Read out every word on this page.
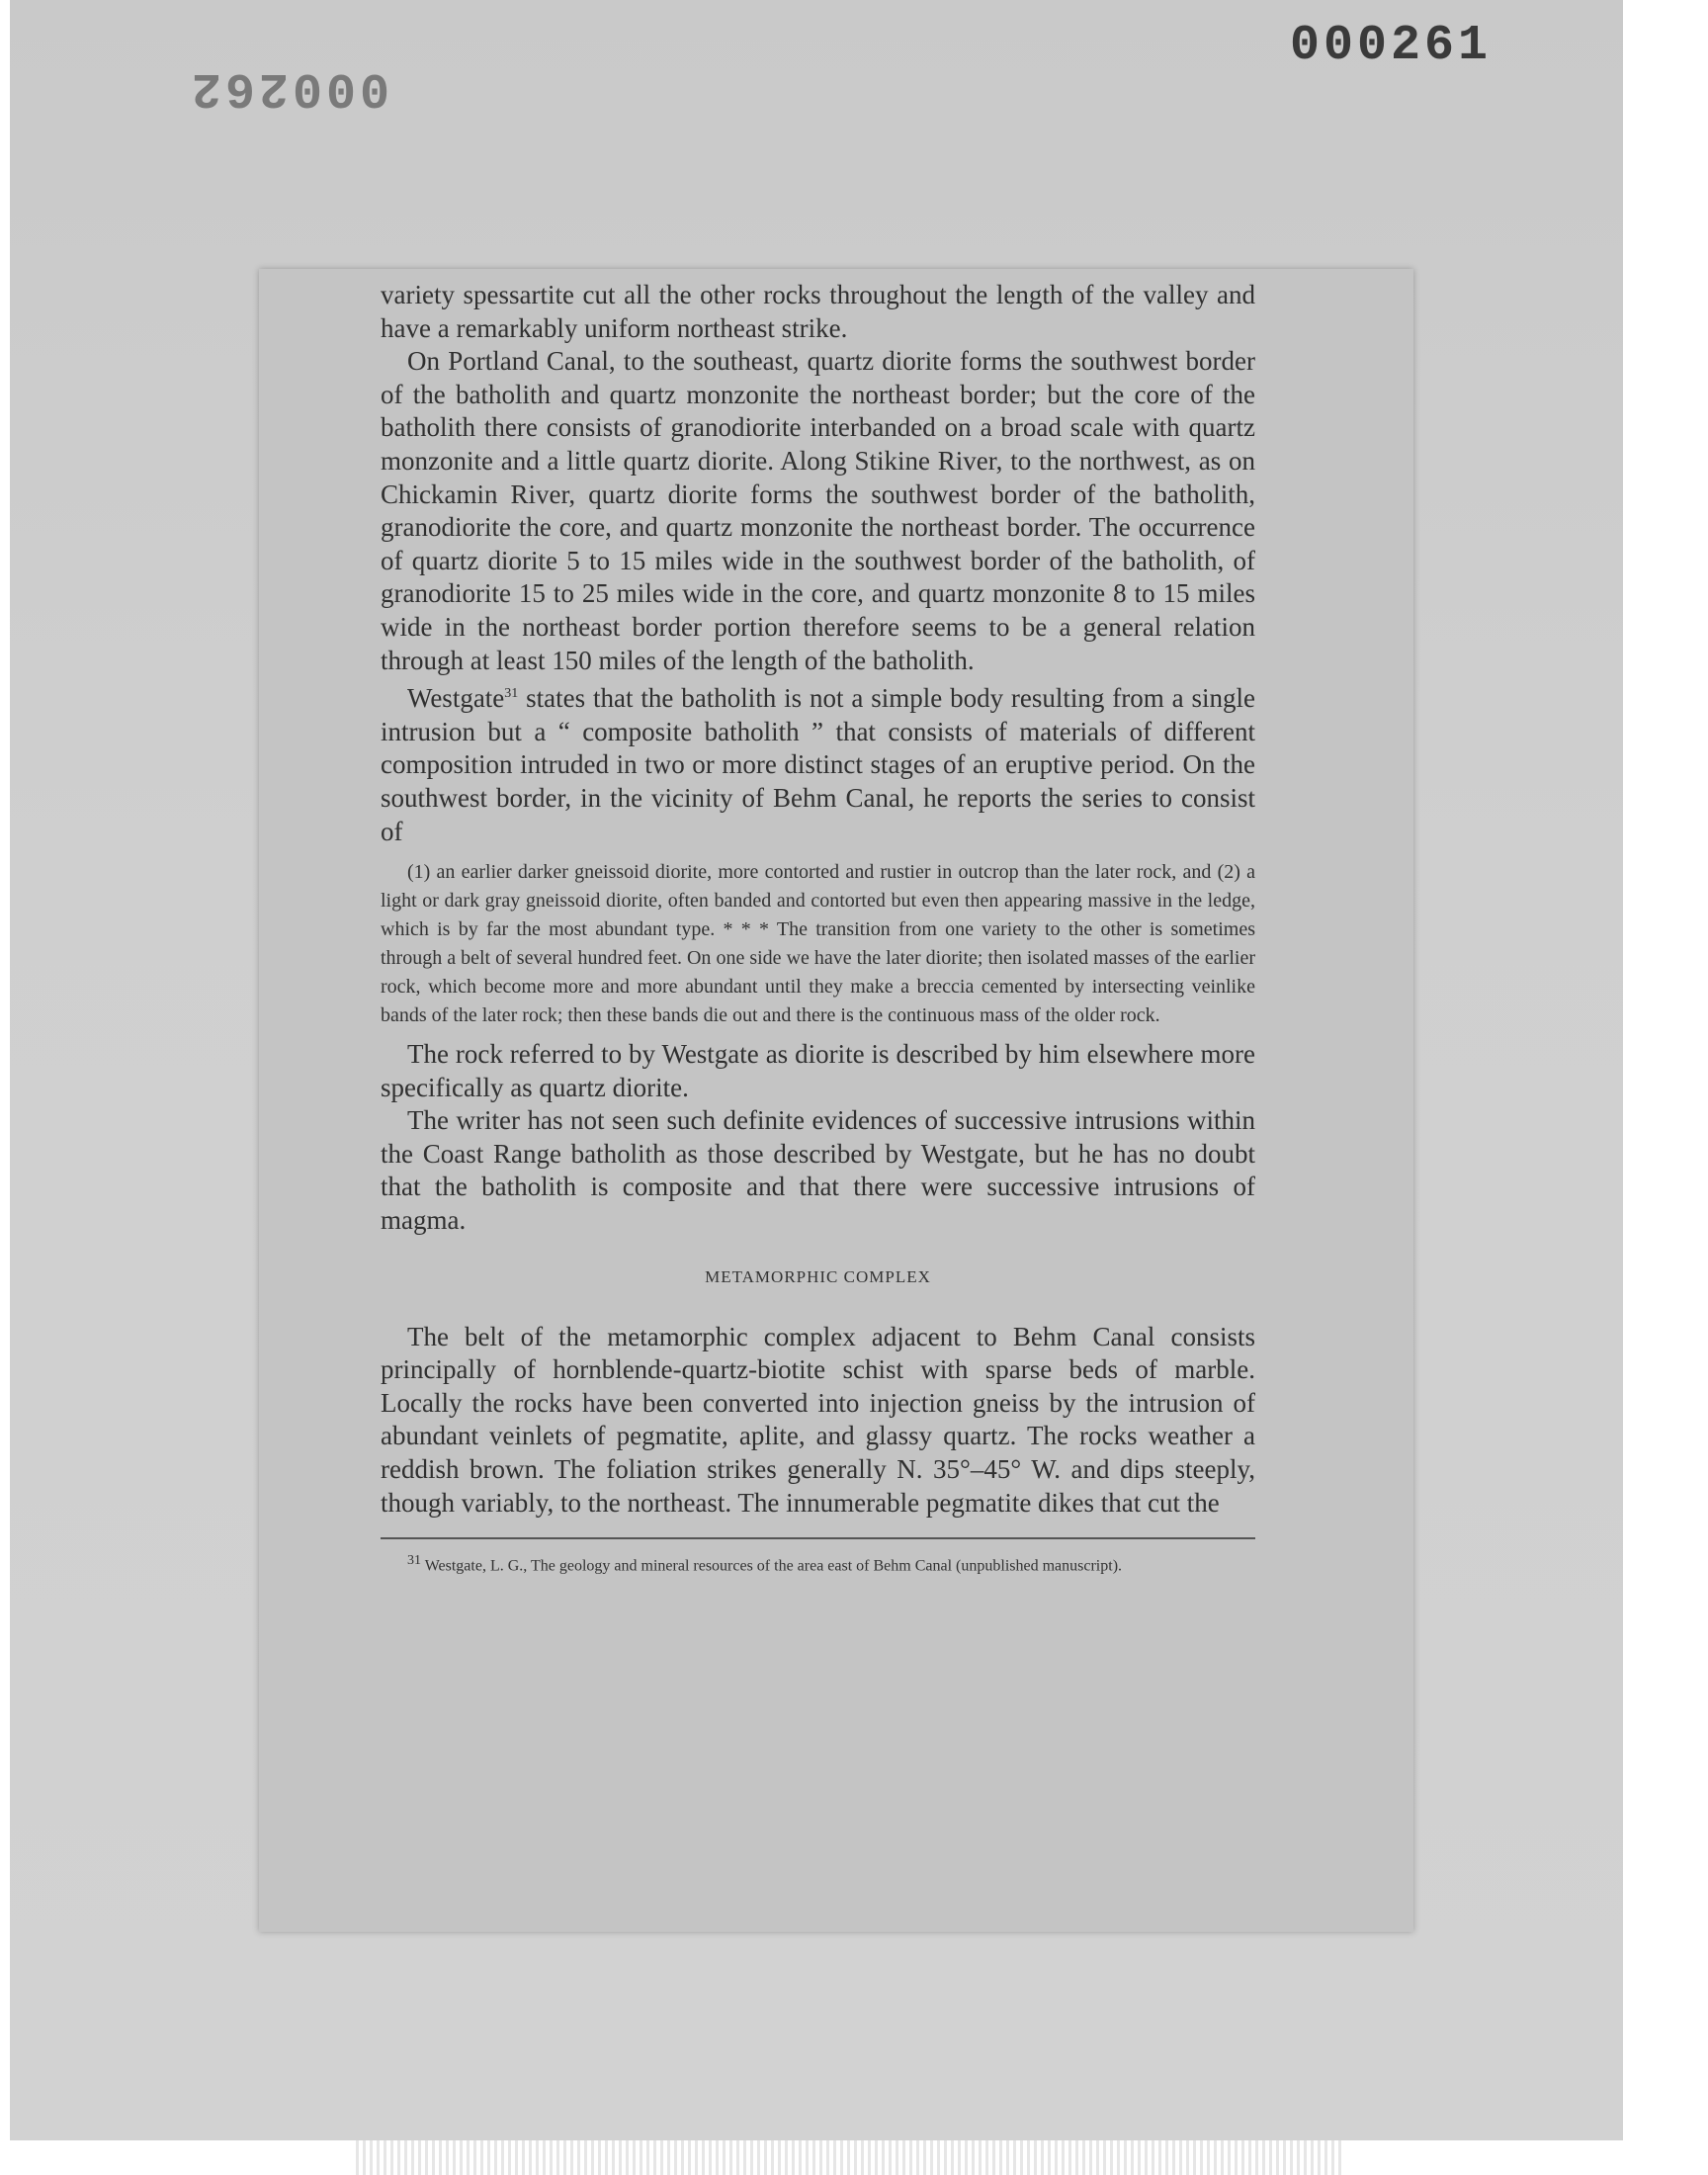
000261
000262

variety spessartite cut all the other rocks throughout the length of the valley and have a remarkably uniform northeast strike.

On Portland Canal, to the southeast, quartz diorite forms the southwest border of the batholith and quartz monzonite the northeast border; but the core of the batholith there consists of granodiorite interbanded on a broad scale with quartz monzonite and a little quartz diorite. Along Stikine River, to the northwest, as on Chickamin River, quartz diorite forms the southwest border of the batholith, granodiorite the core, and quartz monzonite the northeast border. The occurrence of quartz diorite 5 to 15 miles wide in the southwest border of the batholith, of granodiorite 15 to 25 miles wide in the core, and quartz monzonite 8 to 15 miles wide in the northeast border portion therefore seems to be a general relation through at least 150 miles of the length of the batholith.

Westgate$^{31}$ states that the batholith is not a simple body resulting from a single intrusion but a “ composite batholith ” that consists of materials of different composition intruded in two or more distinct stages of an eruptive period. On the southwest border, in the vicinity of Behm Canal, he reports the series to consist of

(1) an earlier darker gneissoid diorite, more contorted and rustier in outcrop than the later rock, and (2) a light or dark gray gneissoid diorite, often banded and contorted but even then appearing massive in the ledge, which is by far the most abundant type. * * * The transition from one variety to the other is sometimes through a belt of several hundred feet. On one side we have the later diorite; then isolated masses of the earlier rock, which become more and more abundant until they make a breccia cemented by intersecting veinlike bands of the later rock; then these bands die out and there is the continuous mass of the older rock.

The rock referred to by Westgate as diorite is described by him elsewhere more specifically as quartz diorite.

The writer has not seen such definite evidences of successive intrusions within the Coast Range batholith as those described by Westgate, but he has no doubt that the batholith is composite and that there were successive intrusions of magma.

METAMORPHIC COMPLEX

The belt of the metamorphic complex adjacent to Behm Canal consists principally of hornblende-quartz-biotite schist with sparse beds of marble. Locally the rocks have been converted into injection gneiss by the intrusion of abundant veinlets of pegmatite, aplite, and glassy quartz. The rocks weather a reddish brown. The foliation strikes generally N. 35°–45° W. and dips steeply, though variably, to the northeast. The innumerable pegmatite dikes that cut the

$^{31}$ Westgate, L. G., The geology and mineral resources of the area east of Behm Canal (unpublished manuscript).
